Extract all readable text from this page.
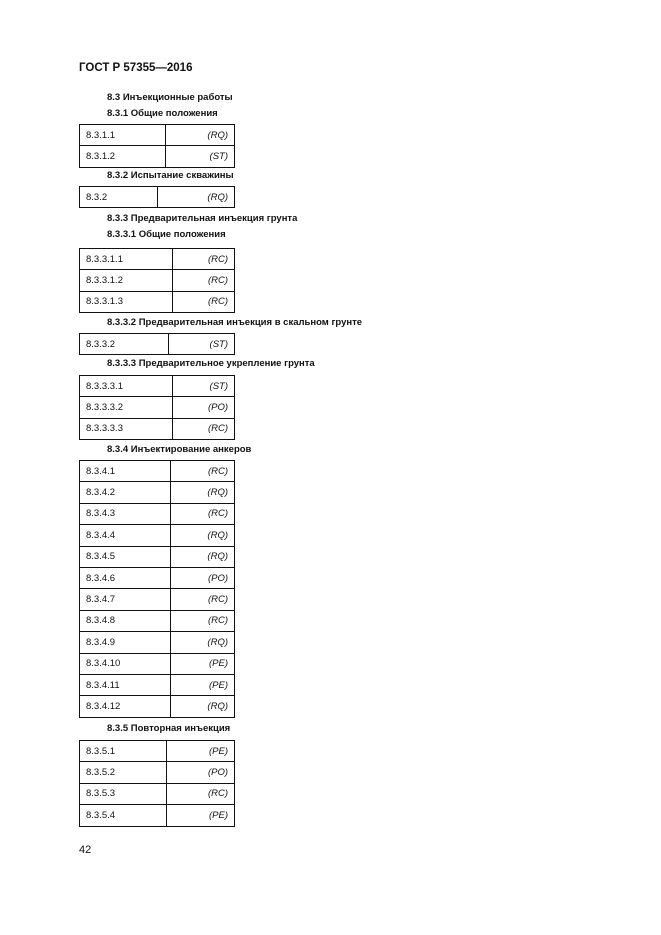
ГОСТ Р 57355—2016
8.3 Инъекционные работы
8.3.1 Общие положения
8.3.1.1	(RQ)
8.3.1.2	(ST)
8.3.2 Испытание скважины
8.3.2	(RQ)
8.3.3 Предварительная инъекция грунта
8.3.3.1 Общие положения
8.3.3.1.1	(RC)
8.3.3.1.2	(RC)
8.3.3.1.3	(RC)
8.3.3.2 Предварительная инъекция в скальном грунте
8.3.3.2	(ST)
8.3.3.3 Предварительное укрепление грунта
8.3.3.3.1	(ST)
8.3.3.3.2	(PO)
8.3.3.3.3	(RC)
8.3.4 Инъектирование анкеров
8.3.4.1	(RC)
8.3.4.2	(RQ)
8.3.4.3	(RC)
8.3.4.4	(RQ)
8.3.4.5	(RQ)
8.3.4.6	(PO)
8.3.4.7	(RC)
8.3.4.8	(RC)
8.3.4.9	(RQ)
8.3.4.10	(PE)
8.3.4.11	(PE)
8.3.4.12	(RQ)
8.3.5 Повторная инъекция
8.3.5.1	(PE)
8.3.5.2	(PO)
8.3.5.3	(RC)
8.3.5.4	(PE)
42
